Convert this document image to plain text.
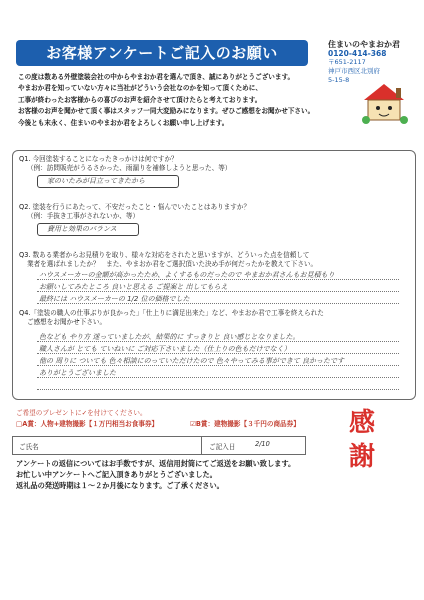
お客様アンケートご記入のお願い	住まいのやまおか君
0120-414-368
〒651-2117
神戸市西区北別府
5-15-8
この度は数ある外壁塗装会社の中からやまおか君を選んで頂き、誠にありがとうございます。
やまおか君を知っていない方々に当社がどういう会社なのかを知って頂くために、
工事が終わったお客様からの喜びのお声を紹介させて頂けたらと考えております。
お客様のお声を聞かせて頂く事はスタッフ一同大変励みになります。ぜひご感想をお聞かせ下さい。
今後とも末永く、住まいのやまおか君をよろしくお願い申し上げます。
Q1. 今回塗装することになったきっかけは何ですか？
（例：訪問販売がうるさかった、雨漏りを補修しようと思った、等）
家のいたみが目立ってきたから
Q2. 塗装を行うにあたって、不安だったこと・悩んでいたことはありますか？
（例：手抜き工事がされないか、等）
費用と効果のバランス
Q3. 数ある業者からお見積りを取り、様々な対応をされたと思いますが、どういった点を信頼して
業者を選ばれましたか？　また、やまおか君をご選択頂いた決め手が何だったかを教えて下さい。
ハウスメーカーの金額が高かったため、よくするものだったので やまおか君さんもお見積もり
お願いしてみたところ 良いと思える ご提案と 出してもらえ
最終には ハウスメーカーの 1/2 位の価格でした
Q4.「塗装の職人の仕事ぶりが良かった」「仕上りに満足出来た」など、やまおか君で工事を終えられた
ご感想をお聞かせ下さい。
色なども やり方 迷っていましたが、結果的に すっきりと 良い感じとなりました。
職人さんが とても ていねいに ご対応下さいました（仕上りの色もだけでなく）
他の 周りに ついても 色々相談にのっていただけたので 色々やってみる事ができて 良かったです
ありがとうございました
ご希望のプレゼントに✓を付けてください。
□A賞：人物+建物撮影【１万円相当お食事券】	☑B賞：建物撮影【３千円の商品券】
ご氏名	ご記入日	2/10
アンケートの返信についてはお手数ですが、返信用封筒にてご返送をお願い致します。
お忙しい中アンケートへご記入頂きありがとうございました。
返礼品の発送時期は１〜２か月後になります。ご了承ください。
感
謝
